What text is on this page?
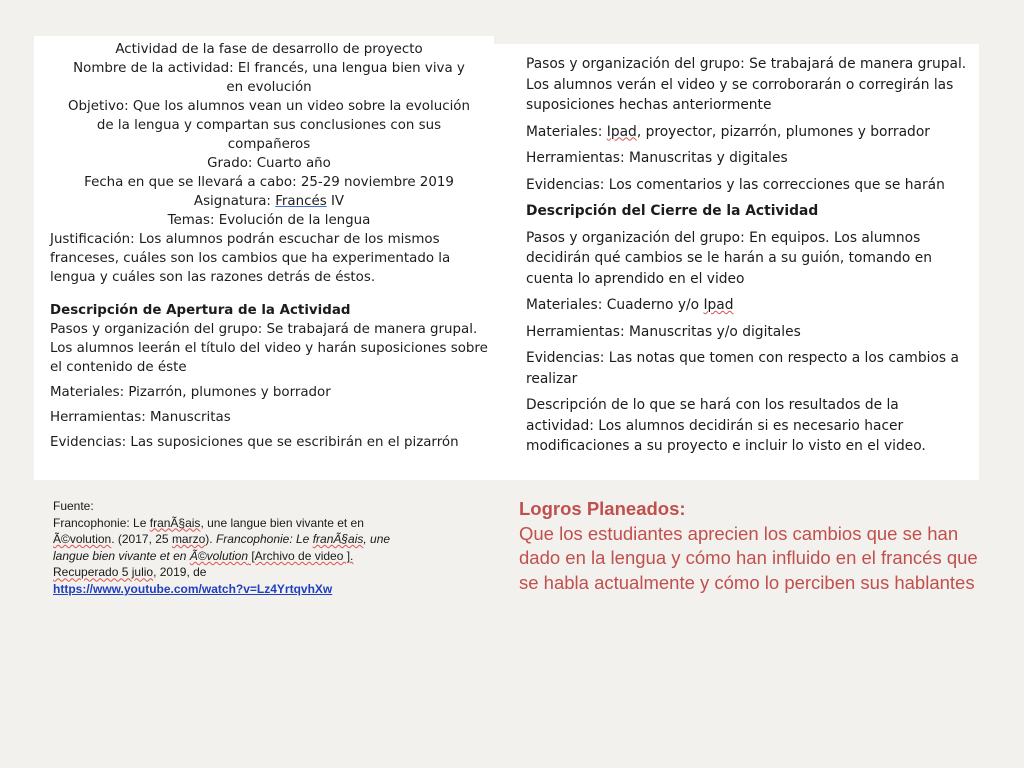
Actividad de la fase de desarrollo de proyecto
Nombre de la actividad: El francés, una lengua bien viva y
en evolución
Objetivo: Que los alumnos vean un video sobre la evolución
de la lengua y compartan sus conclusiones con sus
compañeros
Grado: Cuarto año
Fecha en que se llevará a cabo: 25-29 noviembre 2019
Asignatura: Francés IV
Temas: Evolución de la lengua
Justificación: Los alumnos podrán escuchar de los mismos franceses, cuáles son los cambios que ha experimentado la lengua y cuáles son las razones detrás de éstos.
Descripción de Apertura de la Actividad
Pasos y organización del grupo: Se trabajará de manera grupal. Los alumnos leerán el título del video y harán suposiciones sobre el contenido de éste
Materiales: Pizarrón, plumones y borrador
Herramientas: Manuscritas
Evidencias: Las suposiciones que se escribirán en el pizarrón
Pasos y organización del grupo: Se trabajará de manera grupal. Los alumnos verán el video y se corroborarán o corregirán las suposiciones hechas anteriormente
Materiales: Ipad, proyector, pizarrón, plumones y borrador
Herramientas: Manuscritas y digitales
Evidencias: Los comentarios y las correcciones que se harán
Descripción del Cierre de la Actividad
Pasos y organización del grupo: En equipos. Los alumnos decidirán qué cambios se le harán a su guión, tomando en cuenta lo aprendido en el video
Materiales: Cuaderno y/o Ipad
Herramientas: Manuscritas y/o digitales
Evidencias: Las notas que tomen con respecto a los cambios a realizar
Descripción de lo que se hará con los resultados de la actividad: Los alumnos decidirán si es necesario hacer modificaciones a su proyecto e incluir lo visto en el video.
Fuente:
Francophonie: Le franÃ§ais, une langue bien vivante et en Ã©volution. (2017, 25 marzo). Francophonie: Le franÃ§ais, une langue bien vivante et en Ã©volution [Archivo de video ]. Recuperado 5 julio, 2019, de
https://www.youtube.com/watch?v=Lz4YrtqvhXw
Logros Planeados:
Que los estudiantes aprecien los cambios que se han dado en la lengua y cómo han influido en el francés que se habla actualmente y cómo lo perciben sus hablantes
